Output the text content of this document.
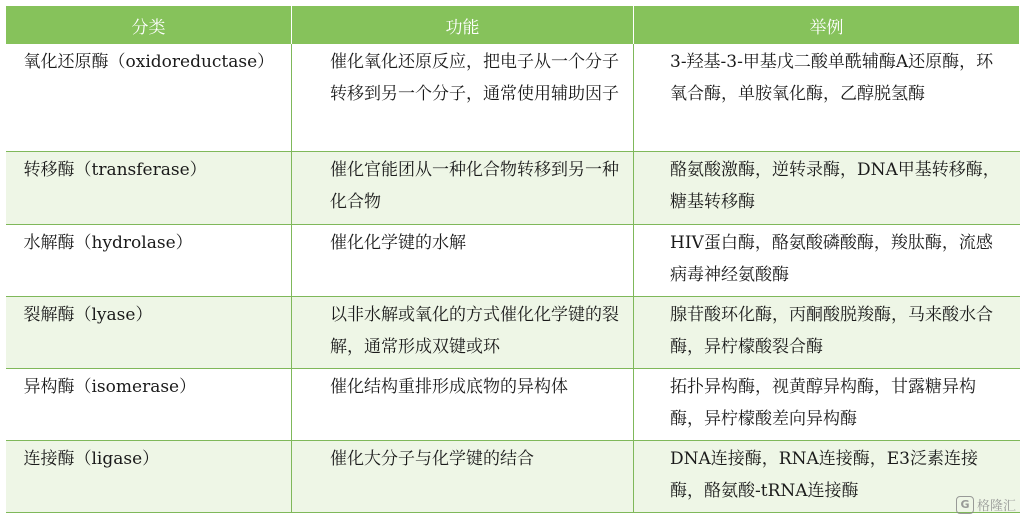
分类	功能	举例
氧化还原酶（oxidoreductase）	催化氧化还原反应，把电子从一个分子转移到另一个分子，通常使用辅助因子	3-羟基-3-甲基戊二酸单酰辅酶A还原酶，环氧合酶，单胺氧化酶，乙醇脱氢酶

转移酶（transferase）	催化官能团从一种化合物转移到另一种化合物	酪氨酸激酶，逆转录酶，DNA甲基转移酶，糖基转移酶

水解酶（hydrolase）	催化化学键的水解	HIV蛋白酶，酪氨酸磷酸酶，羧肽酶，流感病毒神经氨酸酶

裂解酶（lyase）	以非水解或氧化的方式催化化学键的裂解，通常形成双键或环	腺苷酸环化酶，丙酮酸脱羧酶，马来酸水合酶，异柠檬酸裂合酶

异构酶（isomerase）	催化结构重排形成底物的异构体	拓扑异构酶，视黄醇异构酶，甘露糖异构酶，异柠檬酸差向异构酶

连接酶（ligase）	催化大分子与化学键的结合	DNA连接酶，RNA连接酶，E3泛素连接酶，酪氨酸-tRNA连接酶
G 格隆汇
